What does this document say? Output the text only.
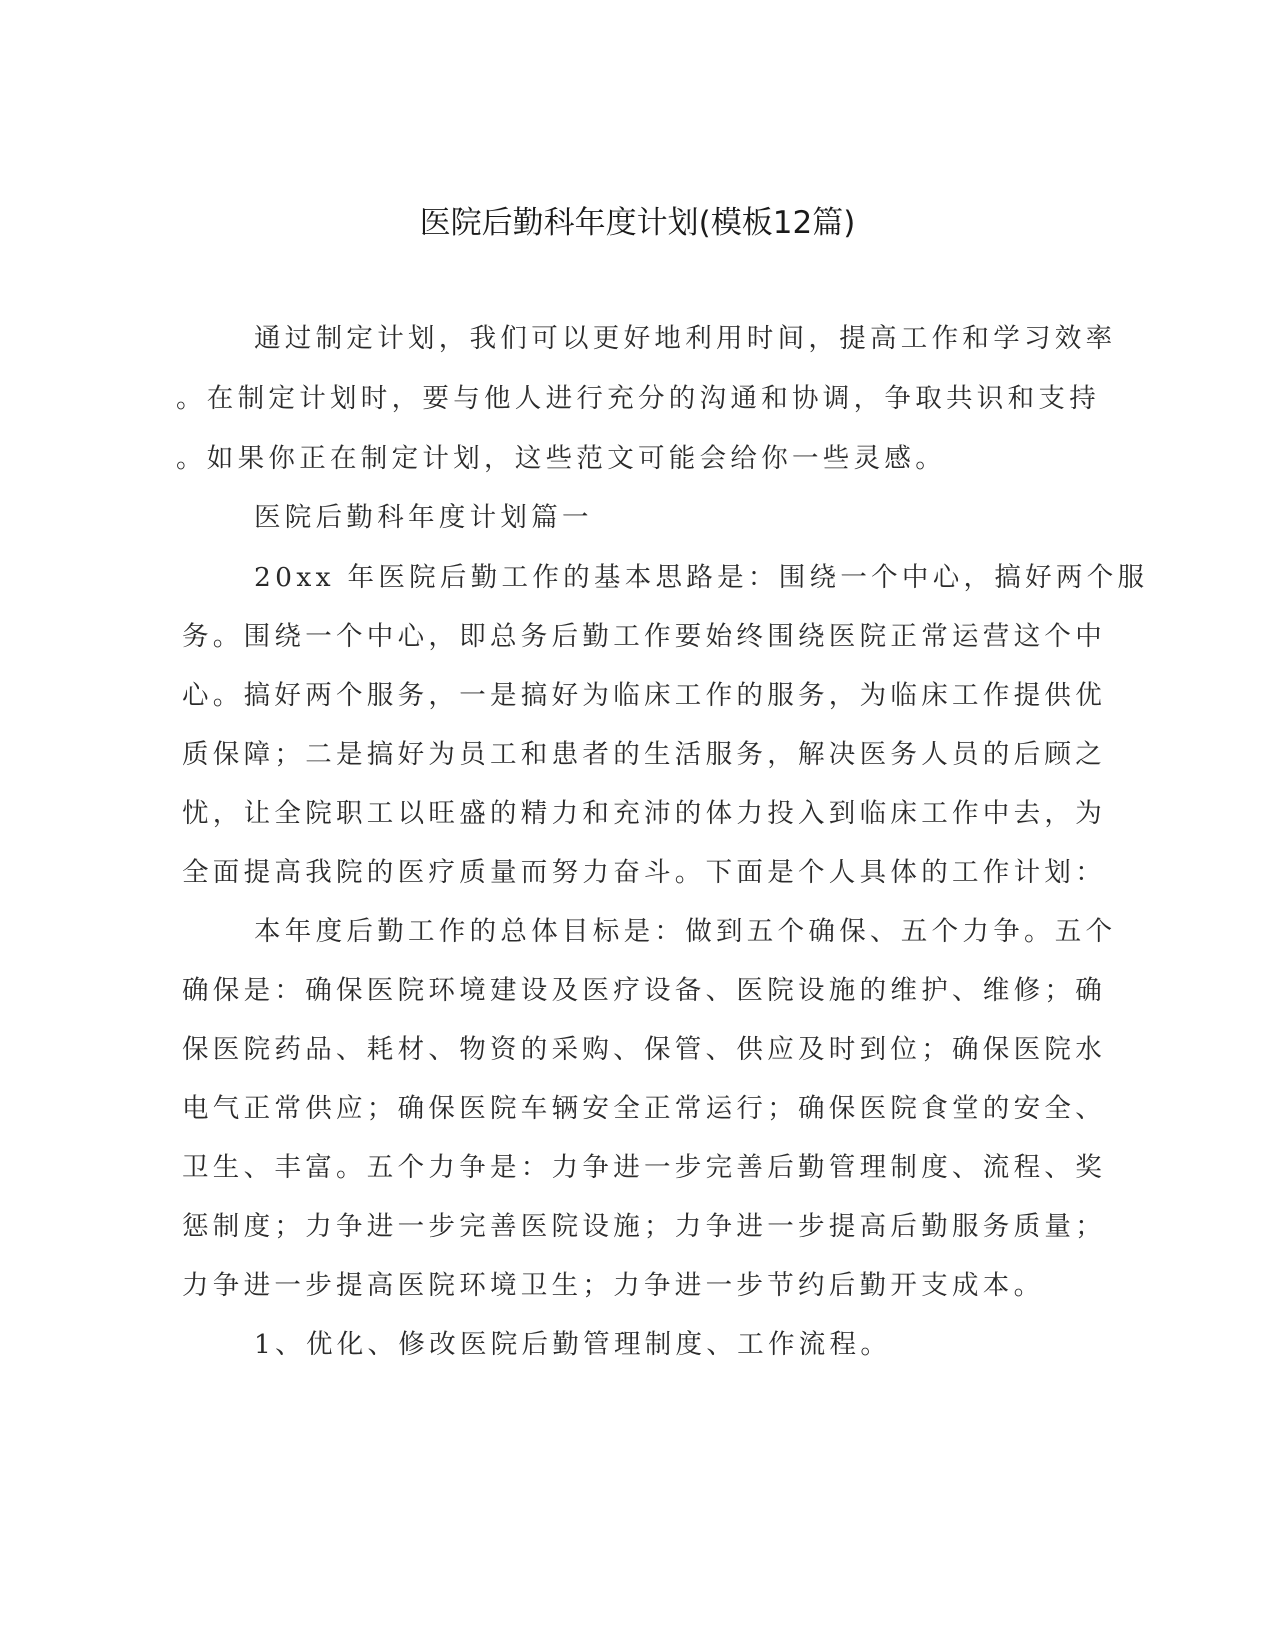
医院后勤科年度计划(模板12篇)
通过制定计划，我们可以更好地利用时间，提高工作和学习效率
。在制定计划时，要与他人进行充分的沟通和协调，争取共识和支持
。如果你正在制定计划，这些范文可能会给你一些灵感。
医院后勤科年度计划篇一
20xx 年医院后勤工作的基本思路是：围绕一个中心，搞好两个服
务。围绕一个中心，即总务后勤工作要始终围绕医院正常运营这个中
心。搞好两个服务，一是搞好为临床工作的服务，为临床工作提供优
质保障；二是搞好为员工和患者的生活服务，解决医务人员的后顾之
忧，让全院职工以旺盛的精力和充沛的体力投入到临床工作中去，为
全面提高我院的医疗质量而努力奋斗。下面是个人具体的工作计划：
本年度后勤工作的总体目标是：做到五个确保、五个力争。五个
确保是：确保医院环境建设及医疗设备、医院设施的维护、维修；确
保医院药品、耗材、物资的采购、保管、供应及时到位；确保医院水
电气正常供应；确保医院车辆安全正常运行；确保医院食堂的安全、
卫生、丰富。五个力争是：力争进一步完善后勤管理制度、流程、奖
惩制度；力争进一步完善医院设施；力争进一步提高后勤服务质量；
力争进一步提高医院环境卫生；力争进一步节约后勤开支成本。
1、优化、修改医院后勤管理制度、工作流程。
